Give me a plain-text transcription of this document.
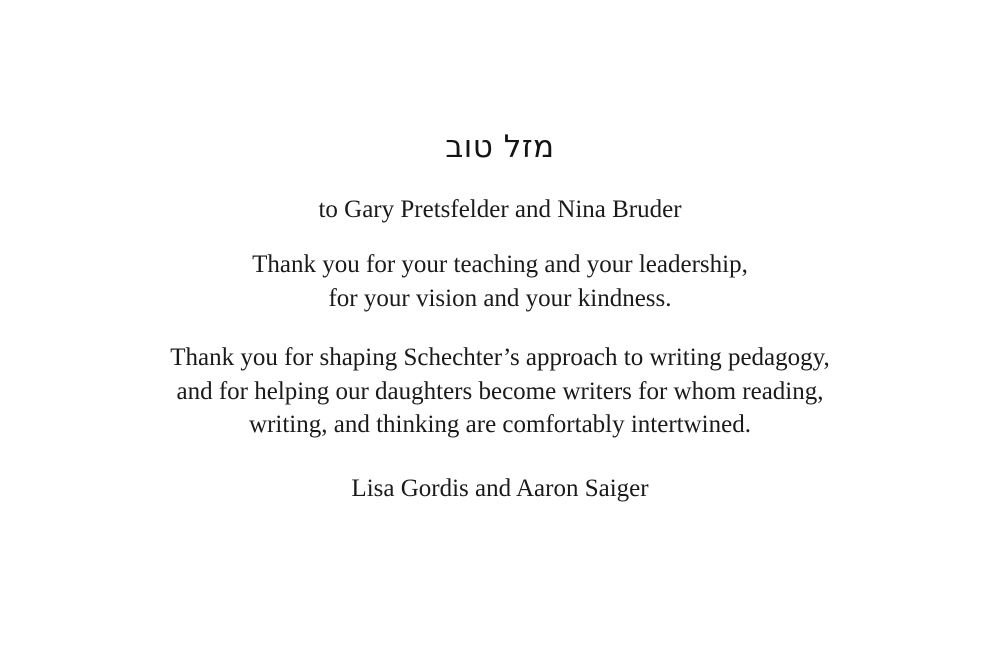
מזל טוב

to Gary Pretsfelder and Nina Bruder

Thank you for your teaching and your leadership,

for your vision and your kindness.

Thank you for shaping Schechter’s approach to writing pedagogy,

and for helping our daughters become writers for whom reading,

writing, and thinking are comfortably intertwined.

Lisa Gordis and Aaron Saiger
